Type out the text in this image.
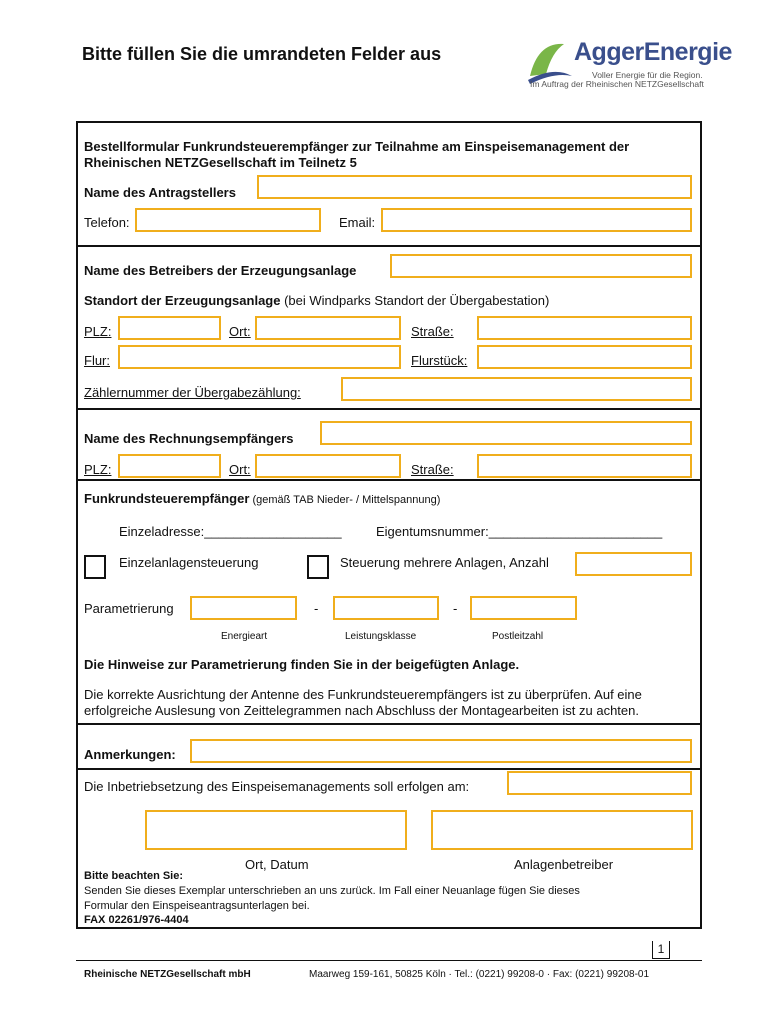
Bitte füllen Sie die umrandeten Felder aus	AggerEnergie
Voller Energie für die Region.
Im Auftrag der Rheinischen NETZGesellschaft
Bestellformular Funkrundsteuerempfänger zur Teilnahme am Einspeisemanagement der
Rheinischen NETZGesellschaft im Teilnetz 5
Name des Antragstellers
Telefon:	Email:
Name des Betreibers der Erzeugungsanlage
Standort der Erzeugungsanlage (bei Windparks Standort der Übergabestation)
PLZ:	Ort:	Straße:
Flur:	Flurstück:
Zählernummer der Übergabezählung:
Name des Rechnungsempfängers
PLZ:	Ort:	Straße:
Funkrundsteuerempfänger (gemäß TAB Nieder- / Mittelspannung)
Einzeladresse:___________________	Eigentumsnummer:________________________
Einzelanlagensteuerung	Steuerung mehrere Anlagen, Anzahl
Parametrierung	-	-
Energieart	Leistungsklasse	Postleitzahl
Die Hinweise zur Parametrierung finden Sie in der beigefügten Anlage.
Die korrekte Ausrichtung der Antenne des Funkrundsteuerempfängers ist zu überprüfen. Auf eine
erfolgreiche Auslesung von Zeittelegrammen nach Abschluss der Montagearbeiten ist zu achten.
Anmerkungen:
Die Inbetriebsetzung des Einspeisemanagements soll erfolgen am:
Ort, Datum	Anlagenbetreiber
Bitte beachten Sie:
Senden Sie dieses Exemplar unterschrieben an uns zurück. Im Fall einer Neuanlage fügen Sie dieses
Formular den Einspeiseantragsunterlagen bei.
FAX 02261/976-4404
1
Rheinische NETZGesellschaft mbH	Maarweg 159-161, 50825 Köln · Tel.: (0221) 99208-0 · Fax: (0221) 99208-01
